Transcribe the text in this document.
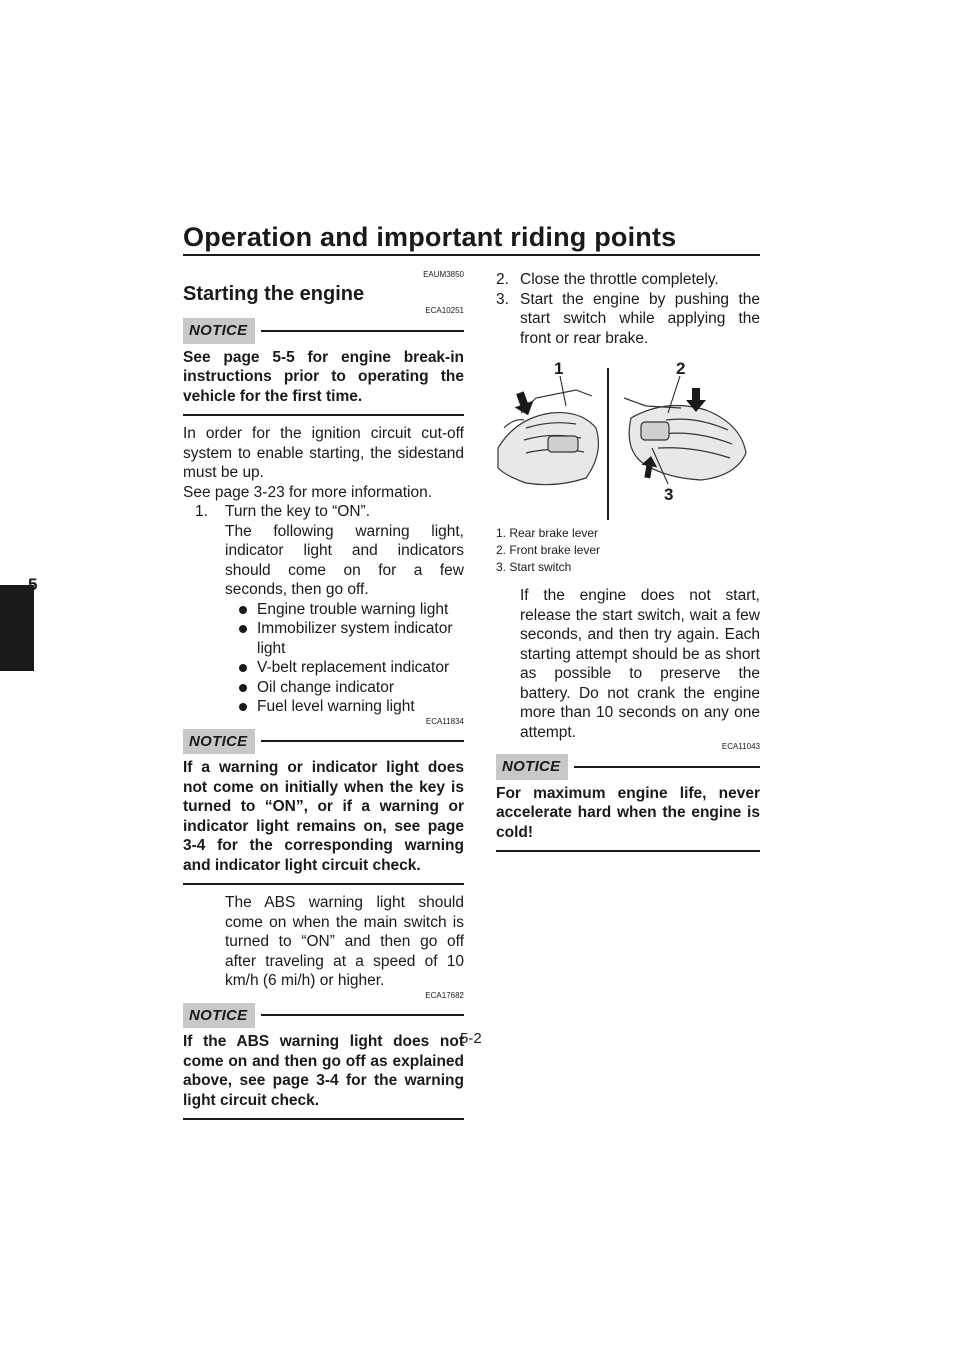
Operation and important riding points
5
EAUM3850
Starting the engine
ECA10251
NOTICE

See page 5-5 for engine break-in instructions prior to operating the vehicle for the first time.

In order for the ignition circuit cut-off system to enable starting, the sidestand must be up.

See page 3-23 for more information.

1.	Turn the key to “ON”.

The following warning light, indicator light and indicators should come on for a few seconds, then go off.

Engine trouble warning light
Immobilizer system indicator light
V-belt replacement indicator
Oil change indicator
Fuel level warning light
ECA11834
NOTICE

If a warning or indicator light does not come on initially when the key is turned to “ON”, or if a warning or indicator light remains on, see page 3-4 for the corresponding warning and indicator light circuit check.

The ABS warning light should come on when the main switch is turned to “ON” and then go off after traveling at a speed of 10 km/h (6 mi/h) or higher.

ECA17682
NOTICE

If the ABS warning light does not come on and then go off as explained above, see page 3-4 for the warning light circuit check.

2. Close the throttle completely.
3. Start the engine by pushing the start switch while applying the front or rear brake.
1	2
3
1. Rear brake lever
2. Front brake lever
3. Start switch

If the engine does not start, release the start switch, wait a few seconds, and then try again. Each starting attempt should be as short as possible to preserve the battery. Do not crank the engine more than 10 seconds on any one attempt.

ECA11043
NOTICE

For maximum engine life, never accelerate hard when the engine is cold!

5-2
